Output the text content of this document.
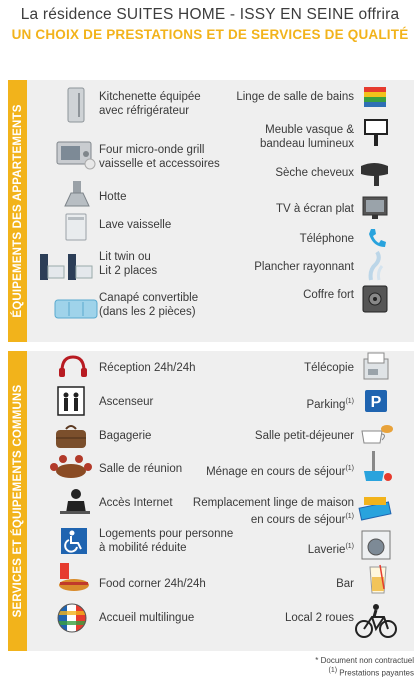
La résidence SUITES HOME - ISSY EN SEINE offrira
UN CHOIX DE PRESTATIONS ET DE SERVICES DE QUALITÉ
ÉQUIPEMENTS DES APPARTEMENTS
Kitchenette équipée
avec réfrigérateur
Four micro-onde grill
vaisselle et accessoires
Hotte
Lave vaisselle
Lit twin ou
Lit 2 places
Canapé convertible
(dans les 2 pièces)
Linge de salle de bains
Meuble vasque &
bandeau lumineux
Sèche cheveux
TV à écran plat
Téléphone
Plancher rayonnant
Coffre fort
SERVICES ET ÉQUIPEMENTS COMMUNS
Réception 24h/24h
Ascenseur
Bagagerie
Salle de réunion
Accès Internet
Logements pour personne
à mobilité réduite
Food corner 24h/24h
Accueil multilingue
Télécopie
Parking$^{(1)}$ P
Salle petit-déjeuner
Ménage en cours de séjour$^{(1)}$
Remplacement linge de maison
en cours de séjour$^{(1)}$
Laverie$^{(1)}$
Bar
Local 2 roues
* Document non contractuel
(1) Prestations payantes
